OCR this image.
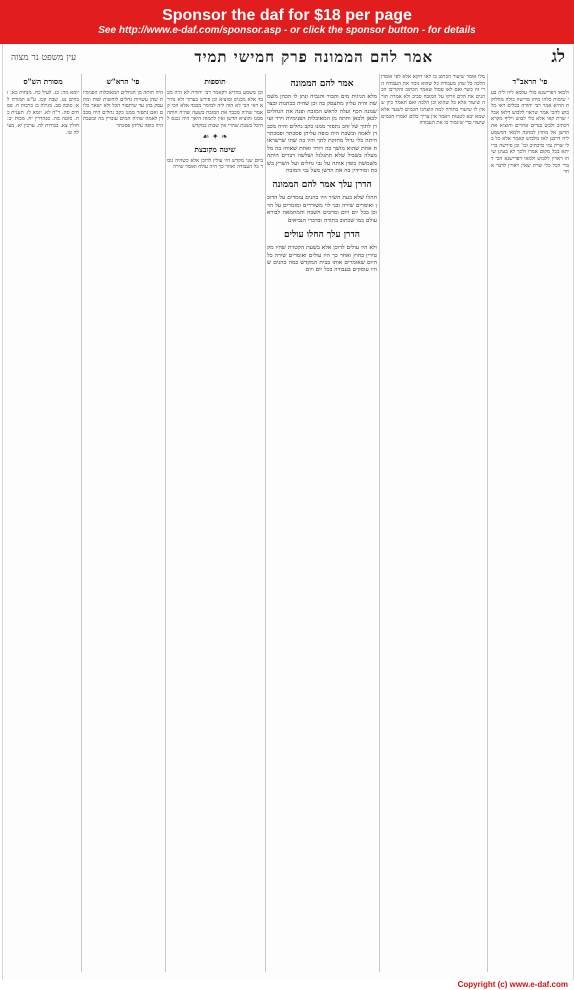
Sponsor the daf for $18 per page
See http://www.e-daf.com/sponsor.asp - or click the sponsor button - for details
לג
אמר להם הממונה פרק חמישי תמיד
עין משפט נר מצוה
פי' הראב"ד
ולמאי דפרישנא כולי עלמא ליה ליה בעי שימות כלהו מיהו פרישה כולה מחלוקת ההיא אמר רבי יהודה בכלים ראו מלבוש להכי אמר שראוי ללבוש דלאו אכלי שרת קאי אלא כלי לבוש ויליף מקרא דכתיב ולבש בגדים אחרים והוציא את הדשן אל מחוץ למחנה ולמאי דמשמע ליה דרבנן לאו מלבוש קאמר אלא כל כלי שרת נמי כדכתיב וכו' וכן פירשה ברייתא בכל מקום אמרו ולכך לא בעינן שיהו ראויין ללבוש ולמאי דפרישנא הכי דברי הכל כלי שרת שאין ראויין לדבר אחר
מלו אומר שיעור הכתוב בו לאו דוקא אלא לפי אומדן הלכה כל שהן מעבודה כל שהוא גומר את העבודה הרי זה כשר ואם לאו פסול שאמר הכתוב והקריבו הכהנים את הדם וזרקו על המזבח סביב ולא אמרה תורה שיעור אלא כל שהוא וכן הלכה ואם תאמר כיון שאין לו שיעור בתורה למה הוצרכו חכמים לשער אלא שמא יבא לטעות ויאמר אין צריך כלום ואמרו חכמים שיעור כדי שיגמור בו את העבודה
אמר להם הממונה
מלא הגיגית מים והבור והגביה ונתן לו הכהן משמשת והיה עליון מתעסק בה וכן שהיה בכתנות ובצד שמנה הכף ועלה לראש המזבח ופנה את הגחלים לכאן ולכאן וחתה מן המאוכלות הפנימיות וירד ועירן לתוך של זהב נתפזר ממנו כקב גחלים והיה מכבדן לאמה ובשבת היה כופה עליהן פסכתר ופסכתר היתה כלי גדול מחזקת לתך והיו בה שתי שרשראות אחת שהוא מושך בה ויורד ואחת שאוחז בה מלמעלה בשביל שלא תתגלגל ושלשה דברים היתה משמשת כופין אותה על גבי גחלים ועל השרץ בשבת ומורידין בה את הדשן מעל גבי המזבח
הדרן עלך אמר להם הממונה
חהלו שלא בעת השיר היו כהנים עומדים על הדוכן ואומרים שירה ובני לוי משוררים ומזמרים על הדוכן בכל יום ויום ומרבים השבח והמחמאה לבורא עולם כמו שכתוב בתורה ובדברי הנביאים
הדרן עלך החלו עולים
ולא היו עולים לדוכן אלא בשעת הקטרת שהיו מקטירין בחוץ ואחר כך היו עולים ואומרים שירה כל היום שאומרים אותו בבית המקדש כמה כהנים שהיו עוסקים בעבודה בכל יום ויום
תוספות
וכן משמע בהדיא דקאמר רבי יהודה לא היה מכבד אלא מכניס ומוציא וכן פירש בערוך ולא נהירא דאי הכי לא הוה ליה למימר מכבד אלא הכי קאמר שהיה מכבד את המזבח בשעה שהיה חותה ממנו והוציא הדשן ואין לתמוה היאך היה נכנס להיכל בשבת שהרי אין שבות במקדש
❧ ✦ ☙
שיטה מקובצת
ביום שני מקדש היו עולין לדוכן אלא כשהיה גומר כל העבודה ואחר כך היה עולה ואומר שירה
פי' הרא"ש
היה חותה מן הגחלים המאוכלות הפנימיות שהן עשויות גחלים לוחשות יפות ומתעסק בהן עד שיתפזר הכל ולא ישאר כלום ואם נתפזר ממנו כקב גחלים היה מכבדן לאמה שהיה המים עוברין בה ובשבת היה כופה עליהן פסכתר
מסורת הש"ס
יומא מה: כג. לעיל כח. מנחות כא: זבחים נט. שבת קכו. ע"ש תמורה לא: סוכה מב. מגילה כ: ברכות ח. פסחים סה. ר"ה לא. יומא לז. תענית כח. סוטה מה. סנהדרין יח. מכות יב: חולין צא. בכורות לה. ערכין יא. מעילה טו.
Copyright (c) www.e-daf.com
